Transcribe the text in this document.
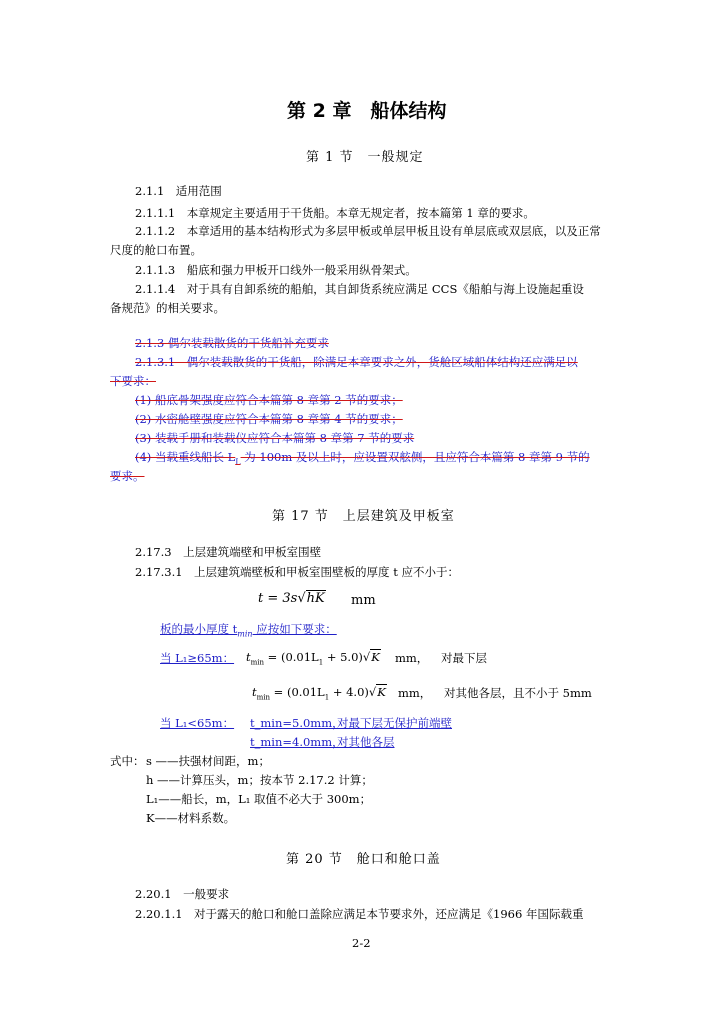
第 2 章　船体结构
第 1 节　一般规定
2.1.1　适用范围
2.1.1.1　本章规定主要适用于干货船。本章无规定者，按本篇第 1 章的要求。
2.1.1.2　本章适用的基本结构形式为多层甲板或单层甲板且设有单层底或双层底，以及正常
尺度的舱口布置。
2.1.1.3　船底和强力甲板开口线外一般采用纵骨架式。
2.1.1.4　对于具有自卸系统的船舶，其自卸货系统应满足 CCS《船舶与海上设施起重设
备规范》的相关要求。
2.1.3 偶尔装载散货的干货船补充要求
2.1.3.1　偶尔装载散货的干货船，除满足本章要求之外，货舱区域船体结构还应满足以
下要求：
(1) 船底骨架强度应符合本篇第 8 章第 2 节的要求；
(2) 水密舱壁强度应符合本篇第 8 章第 4 节的要求；
(3) 装载手册和装载仪应符合本篇第 8 章第 7 节的要求
(4) 当载重线船长 $L_L$ 为 100m 及以上时，应设置双舷侧，且应符合本篇第 8 章第 9 节的
要求。
第 17 节　上层建筑及甲板室
2.17.3　上层建筑端壁和甲板室围壁
2.17.3.1　上层建筑端壁板和甲板室围壁板的厚度 t 应不小于：
t = 3s√hK mm
板的最小厚度 $t_{min}$ 应按如下要求：
当 L₁≥65m： $t_{min} = (0.01L_1 + 5.0)√K$ mm， 对最下层
$t_{min} = (0.01L_1 + 4.0)√K$ mm， 对其他各层，且不小于 5mm
当 L₁<65m： t_min=5.0mm，
对最下层无保护前端壁
t_min=4.0mm，
对其他各层
式中： s ——扶强材间距，m；
h ——计算压头，m；按本节 2.17.2 计算；
L₁——船长，m，L₁ 取值不必大于 300m；
K——材料系数。
第 20 节　舱口和舱口盖
2.20.1　一般要求
2.20.1.1　对于露天的舱口和舱口盖除应满足本节要求外，还应满足《1966 年国际载重
2-2
